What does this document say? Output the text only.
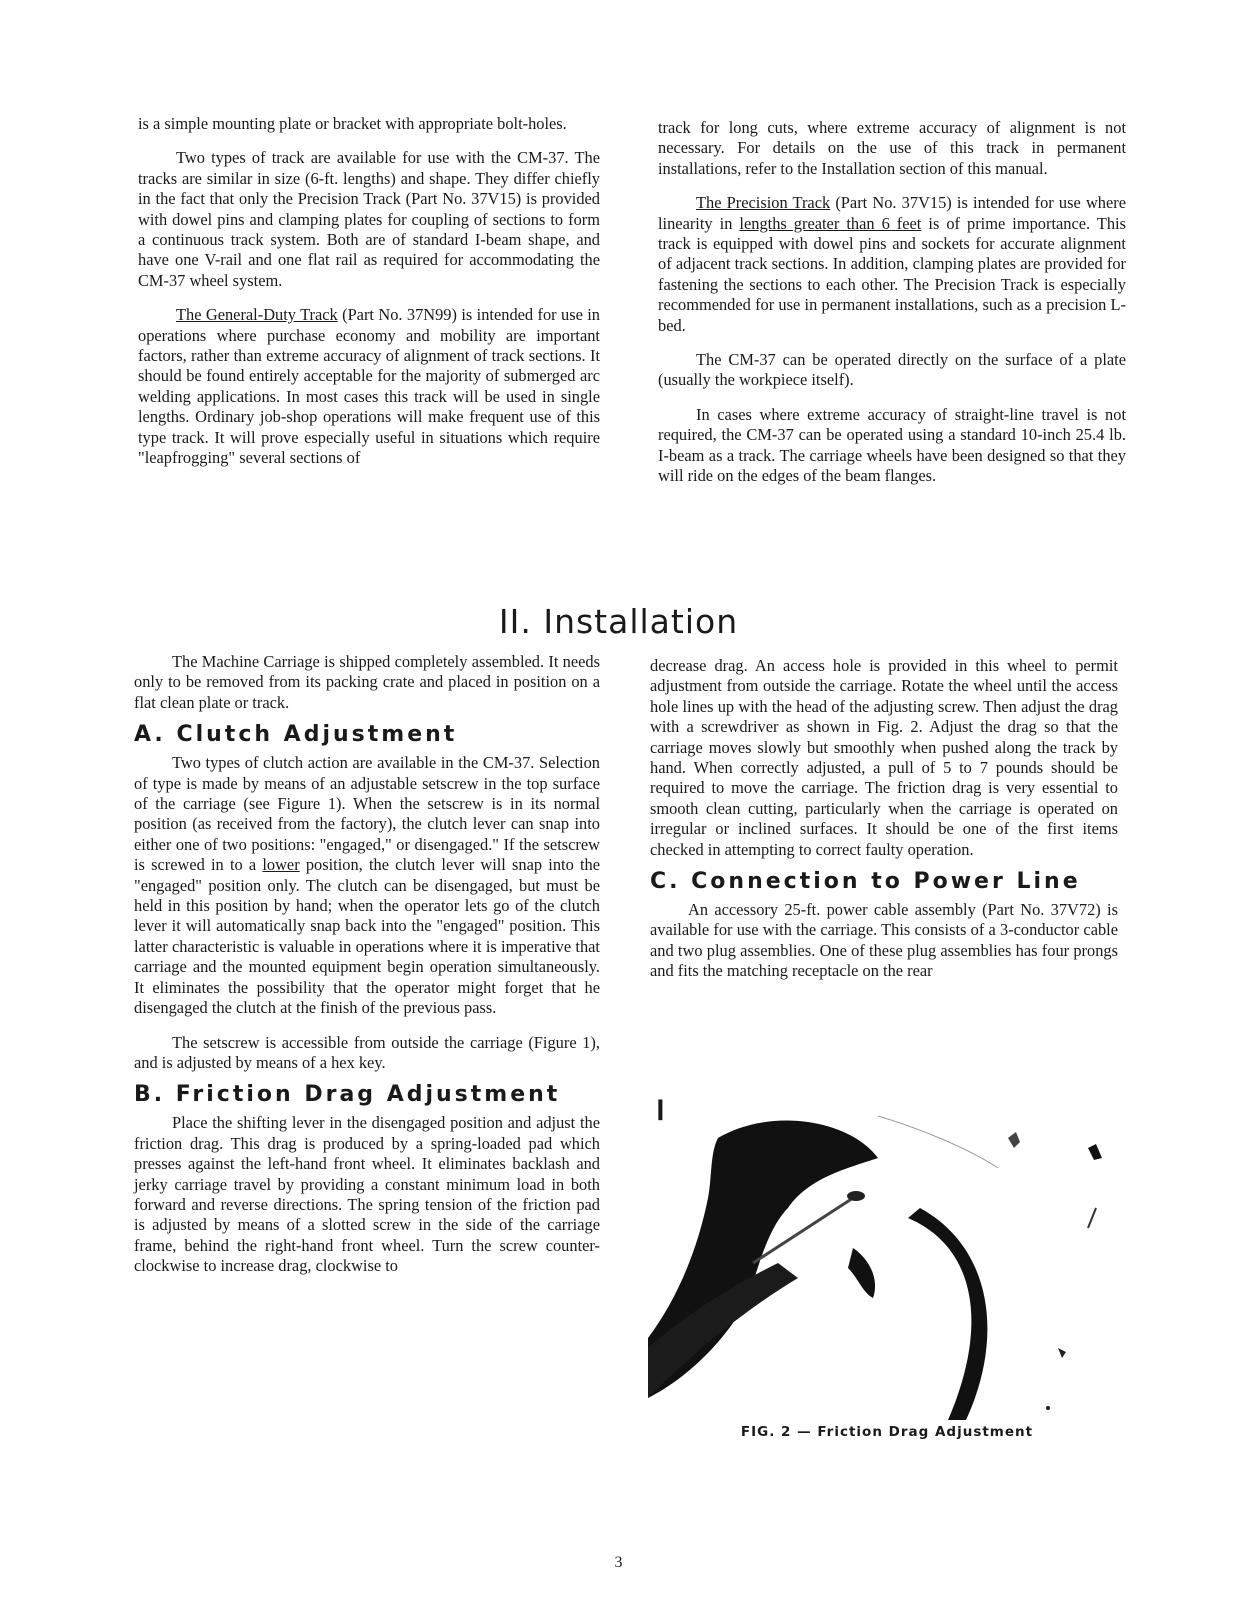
is a simple mounting plate or bracket with appropriate bolt-holes.

Two types of track are available for use with the CM-37. The tracks are similar in size (6-ft. lengths) and shape. They differ chiefly in the fact that only the Precision Track (Part No. 37V15) is provided with dowel pins and clamping plates for coupling of sections to form a continuous track system. Both are of standard I-beam shape, and have one V-rail and one flat rail as required for accommodating the CM-37 wheel system.

The General-Duty Track (Part No. 37N99) is intended for use in operations where purchase economy and mobility are important factors, rather than extreme accuracy of alignment of track sections. It should be found entirely acceptable for the majority of submerged arc welding applications. In most cases this track will be used in single lengths. Ordinary job-shop operations will make frequent use of this type track. It will prove especially useful in situations which require "leapfrogging" several sections of

track for long cuts, where extreme accuracy of alignment is not necessary. For details on the use of this track in permanent installations, refer to the Installation section of this manual.

The Precision Track (Part No. 37V15) is intended for use where linearity in lengths greater than 6 feet is of prime importance. This track is equipped with dowel pins and sockets for accurate alignment of adjacent track sections. In addition, clamping plates are provided for fastening the sections to each other. The Precision Track is especially recommended for use in permanent installations, such as a precision L-bed.

The CM-37 can be operated directly on the surface of a plate (usually the workpiece itself).

In cases where extreme accuracy of straight-line travel is not required, the CM-37 can be operated using a standard 10-inch 25.4 lb. I-beam as a track. The carriage wheels have been designed so that they will ride on the edges of the beam flanges.

II. Installation

The Machine Carriage is shipped completely assembled. It needs only to be removed from its packing crate and placed in position on a flat clean plate or track.

A. Clutch Adjustment

Two types of clutch action are available in the CM-37. Selection of type is made by means of an adjustable setscrew in the top surface of the carriage (see Figure 1). When the setscrew is in its normal position (as received from the factory), the clutch lever can snap into either one of two positions: "engaged," or disengaged." If the setscrew is screwed in to a lower position, the clutch lever will snap into the "engaged" position only. The clutch can be disengaged, but must be held in this position by hand; when the operator lets go of the clutch lever it will automatically snap back into the "engaged" position. This latter characteristic is valuable in operations where it is imperative that carriage and the mounted equipment begin operation simultaneously. It eliminates the possibility that the operator might forget that he disengaged the clutch at the finish of the previous pass.

The setscrew is accessible from outside the carriage (Figure 1), and is adjusted by means of a hex key.

B. Friction Drag Adjustment

Place the shifting lever in the disengaged position and adjust the friction drag. This drag is produced by a spring-loaded pad which presses against the left-hand front wheel. It eliminates backlash and jerky carriage travel by providing a constant minimum load in both forward and reverse directions. The spring tension of the friction pad is adjusted by means of a slotted screw in the side of the carriage frame, behind the right-hand front wheel. Turn the screw counter-clockwise to increase drag, clockwise to

decrease drag. An access hole is provided in this wheel to permit adjustment from outside the carriage. Rotate the wheel until the access hole lines up with the head of the adjusting screw. Then adjust the drag with a screwdriver as shown in Fig. 2. Adjust the drag so that the carriage moves slowly but smoothly when pushed along the track by hand. When correctly adjusted, a pull of 5 to 7 pounds should be required to move the carriage. The friction drag is very essential to smooth clean cutting, particularly when the carriage is operated on irregular or inclined surfaces. It should be one of the first items checked in attempting to correct faulty operation.

C. Connection to Power Line

An accessory 25-ft. power cable assembly (Part No. 37V72) is available for use with the carriage. This consists of a 3-conductor cable and two plug assemblies. One of these plug assemblies has four prongs and fits the matching receptacle on the rear

❙
FIG. 2 — Friction Drag Adjustment
3
